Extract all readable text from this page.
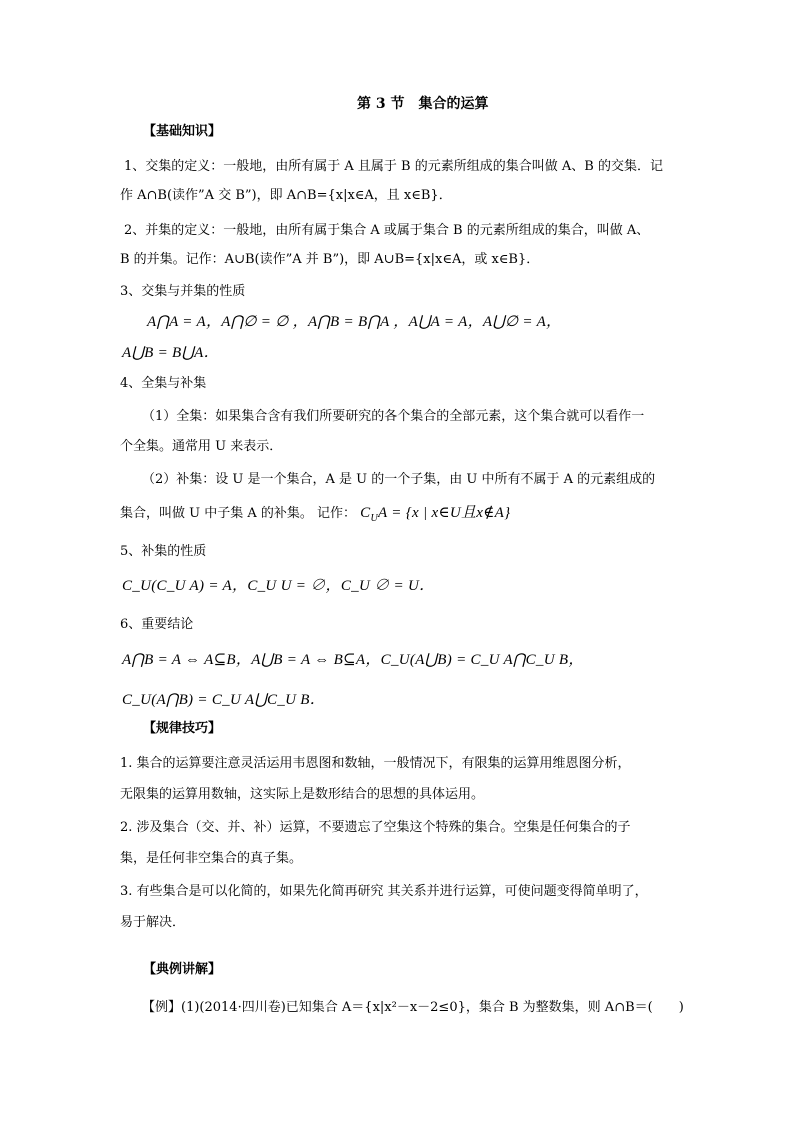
第 3 节　集合的运算
【基础知识】
1、交集的定义：一般地，由所有属于 A 且属于 B 的元素所组成的集合叫做 A、B 的交集．记
作 A∩B(读作”A 交 B”)，即 A∩B={x|x∈A，且 x∈B}．
2、并集的定义：一般地，由所有属于集合 A 或属于集合 B 的元素所组成的集合，叫做 A、
B 的并集。记作：A∪B(读作”A 并 B”)，即 A∪B={x|x∈A，或 x∈B}．
3、交集与并集的性质
A⋂A = A，A⋂∅ = ∅ ，A⋂B = B⋂A ，A⋃A = A，A⋃∅ = A，
A⋃B = B⋃A．
4、全集与补集
（1）全集：如果集合含有我们所要研究的各个集合的全部元素，这个集合就可以看作一
个全集。通常用 U 来表示．
（2）补集：设 U 是一个集合，A 是 U 的一个子集，由 U 中所有不属于 A 的元素组成的
集合，叫做 U 中子集 A 的补集。 记作： $C_UA = \{x$ | x∈U且x∉A}
5、补集的性质
C_U(C_U A) = A，C_U U = ∅，C_U ∅ = U．
6、重要结论
A⋂B = A ⇔ A⊆B，A⋃B = A ⇔ B⊆A，C_U(A⋃B) = C_U A⋂C_U B，
C_U(A⋂B) = C_U A⋃C_U B．
【规律技巧】
1. 集合的运算要注意灵活运用韦恩图和数轴，一般情况下，有限集的运算用维恩图分析，
无限集的运算用数轴，这实际上是数形结合的思想的具体运用。
2. 涉及集合（交、并、补）运算，不要遗忘了空集这个特殊的集合。空集是任何集合的子
集，是任何非空集合的真子集。
3. 有些集合是可以化简的，如果先化简再研究 其关系并进行运算，可使问题变得简单明了，
易于解决．
【典例讲解】
【例】(1)(2014·四川卷)已知集合 A＝{x|x²－x－2≤0}，集合 B 为整数集，则 A∩B＝(　　)
